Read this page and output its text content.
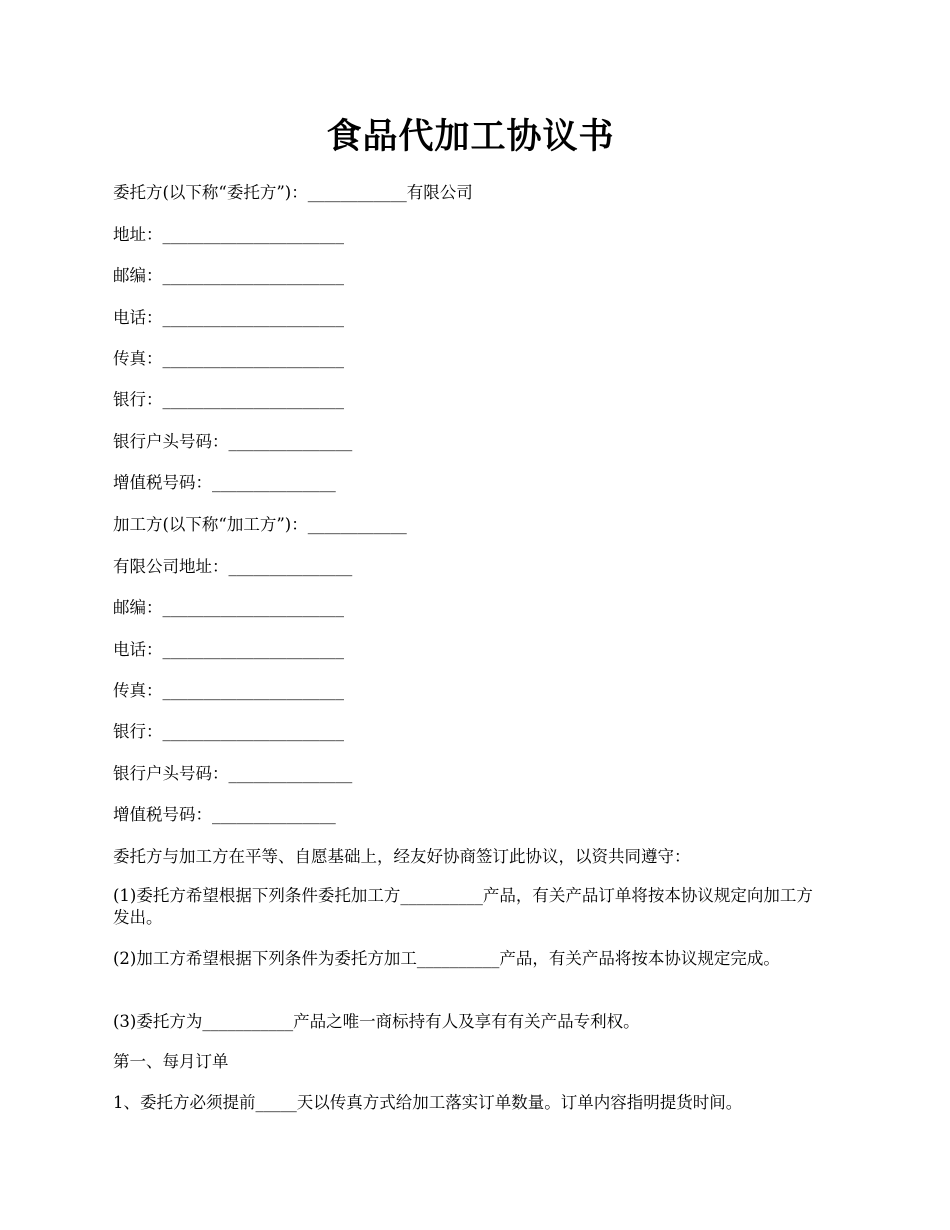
食品代加工协议书

委托方(以下称“委托方”)：____________有限公司

地址：______________________

邮编：______________________

电话：______________________

传真：______________________

银行：______________________

银行户头号码：_______________

增值税号码：_______________

加工方(以下称“加工方”)：____________

有限公司地址：_______________

邮编：______________________

电话：______________________

传真：______________________

银行：______________________

银行户头号码：_______________

增值税号码：_______________

委托方与加工方在平等、自愿基础上，经友好协商签订此协议，以资共同遵守：

(1)委托方希望根据下列条件委托加工方__________产品，有关产品订单将按本协议规定向加工方发出。

(2)加工方希望根据下列条件为委托方加工__________产品，有关产品将按本协议规定完成。

(3)委托方为___________产品之唯一商标持有人及享有有关产品专利权。

第一、每月订单

1、委托方必须提前_____天以传真方式给加工落实订单数量。订单内容指明提货时间。
